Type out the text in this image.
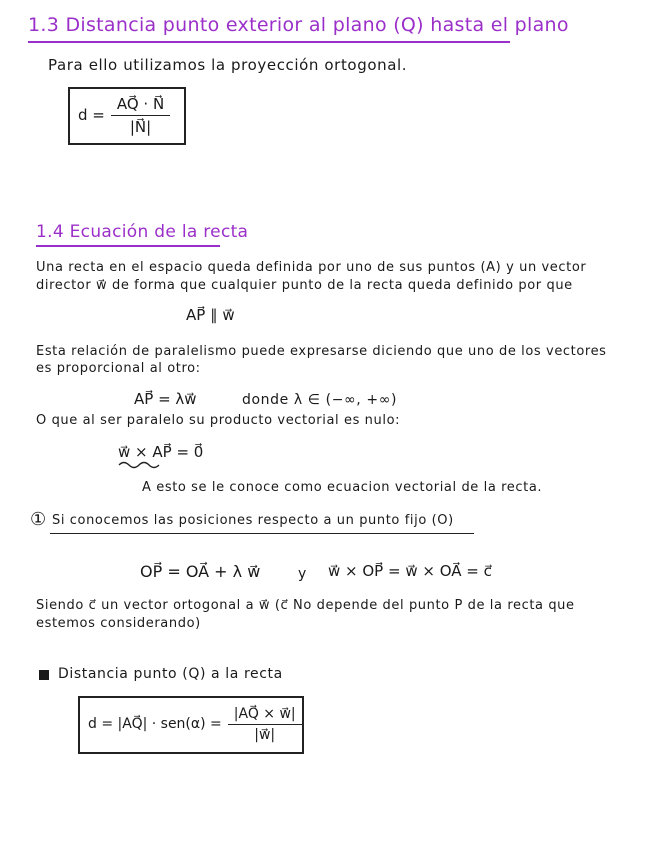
1.3 Distancia punto exterior al plano (Q) hasta el plano
Para ello utilizamos la proyección ortogonal.
$d = \frac{AQ⃗ \cdot N⃗}{|N⃗|}$
1.4 Ecuación de la recta
Una recta en el espacio queda definida por uno de sus puntos (A) y un vector
director w⃗ de forma que cualquier punto de la recta queda definido por que
AP⃗ ∥ w⃗
Esta relación de paralelismo puede expresarse diciendo que uno de los vectores
es proporcional al otro:
AP⃗ = λw⃗	donde λ ∈ (−∞, +∞)
O que al ser paralelo su producto vectorial es nulo:
w⃗ × AP⃗ = 0⃗
A esto se le conoce como ecuacion vectorial de la recta.
① Si conocemos las posiciones respecto a un punto fijo (O)
OP⃗ = OA⃗ + λ w⃗	y w⃗ × OP⃗ = w⃗ × OA⃗ = c⃗
Siendo c⃗ un vector ortogonal a w⃗ (c⃗ No depende del punto P de la recta que
estemos considerando)
Distancia punto (Q) a la recta
d = |AQ⃗| · $sen(\alpha) = \frac{|AQ⃗ \times w⃗|}{|w⃗|}$
